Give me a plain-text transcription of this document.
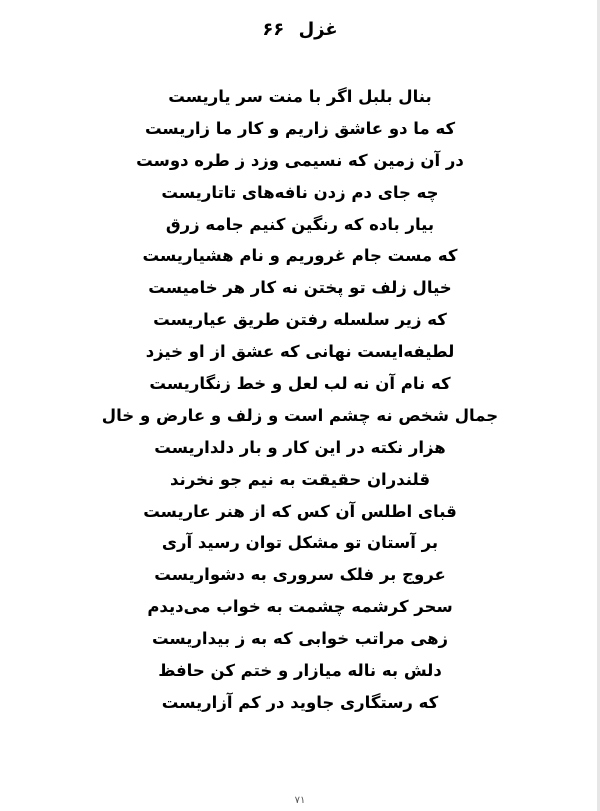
غزل ۶۶
بنال بلبل اگر با منت سر یاریست
که ما دو عاشق زاریم و کار ما زاریست
در آن زمین که نسیمی وزد ز طره دوست
چه جای دم زدن نافه‌های تاتاریست
بیار باده که رنگین کنیم جامه زرق
که مست جام غروریم و نام هشیاریست
خیال زلف تو پختن نه کار هر خامیست
که زیر سلسله رفتن طریق عیاریست
لطیفه‌ایست نهانی که عشق از او خیزد
که نام آن نه لب لعل و خط زنگاریست
جمال شخص نه چشم است و زلف و عارض و خال
هزار نکته در این کار و بار دلداریست
قلندران حقیقت به نیم جو نخرند
قبای اطلس آن کس که از هنر عاریست
بر آستان تو مشکل توان رسید آری
عروج بر فلک سروری به دشواریست
سحر کرشمه چشمت به خواب می‌دیدم
زهی مراتب خوابی که به ز بیداریست
دلش به ناله میازار و ختم کن حافظ
که رستگاری جاوید در کم آزاریست
۷۱
